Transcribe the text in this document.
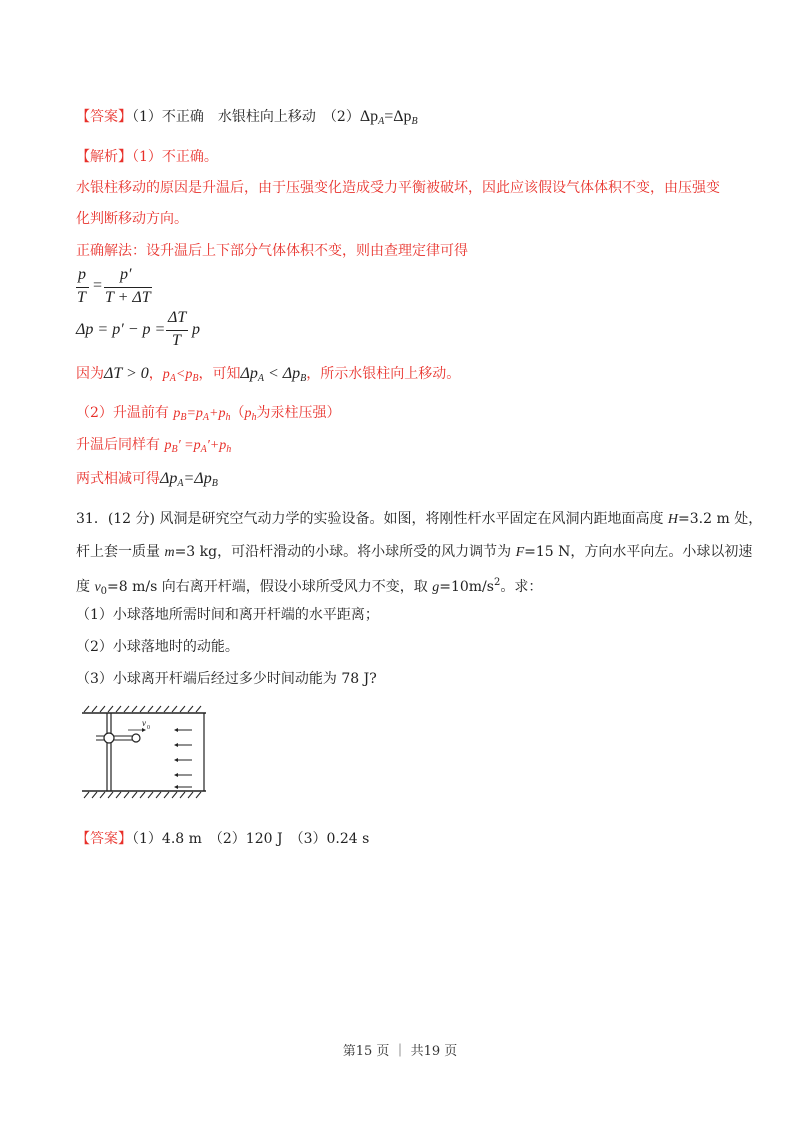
【答案】（1）不正确　水银柱向上移动　$(2)\Delta p_A=\Delta p_B$
【解析】（1）不正确。
水银柱移动的原因是升温后，由于压强变化造成受力平衡被破坏，因此应该假设气体体积不变，由压强变
化判断移动方向。
正确解法：设升温后上下部分气体体积不变，则由查理定律可得
p
T
=
p′
T + ΔT
Δp = p′ − p =
ΔT
T
p
因为ΔT > 0，$p_A<p_B$，可知$\Delta p_A < \Delta p_B$，所示水银柱向上移动。
（2）升温前有 $p_B=p_A+p_h(p_h$为汞柱压强）
升温后同样有 $p_B' =p_A'+p_h$
两式相减可得$\Delta p_A=\Delta p_B$
31．(12 分) 风洞是研究空气动力学的实验设备。如图，将刚性杆水平固定在风洞内距地面高度 H=3.2 m 处，
杆上套一质量 m=3 kg，可沿杆滑动的小球。将小球所受的风力调节为 F=15 N，方向水平向左。小球以初速
度 $v_0=8$ m/s 向右离开杆端，假设小球所受风力不变，取 $g=10m/s^2$。求：
（1）小球落地所需时间和离开杆端的水平距离；
（2）小球落地时的动能。
（3）小球离开杆端后经过多少时间动能为 78 J?
v 0
【答案】（1）4.8 m　（2）120 J　（3）0.24 s
第15 页 ｜ 共19 页
